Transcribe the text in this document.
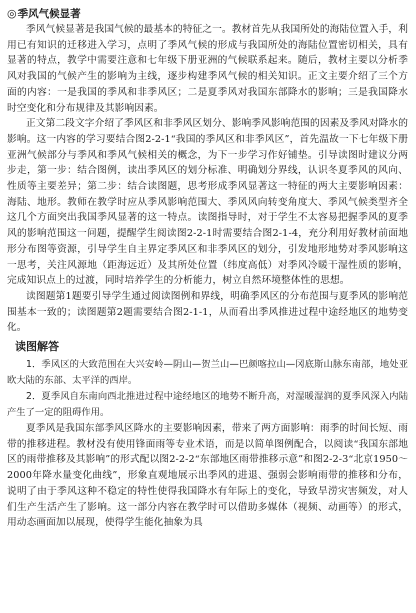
◎ 季风气候显著

季风气候显著是我国气候的最基本的特征之一。教材首先从我国所处的海陆位置入手，利用已有知识的迁移进入学习，点明了季风气候的形成与我国所处的海陆位置密切相关，具有显著的特点，教学中需要注意和七年级下册亚洲的气候联系起来。随后，教材主要以分析季风对我国的气候产生的影响为主线，逐步构建季风气候的相关知识。正文主要介绍了三个方面的内容：一是我国的季风和非季风区；二是夏季风对我国东部降水的影响；三是我国降水时空变化和分布规律及其影响因素。

正文第二段文字介绍了季风区和非季风区划分、影响季风影响范围的因素及季风对降水的影响。这一内容的学习要结合图2-2-1“我国的季风区和非季风区”，首先温故一下七年级下册亚洲气候部分与季风和季风气候相关的概念，为下一步学习作好铺垫。引导读图时建议分两步走，第一步：结合图例，读出季风区的划分标准、明确划分界线，认识冬夏季风的风向、性质等主要差异；第二步：结合读图题，思考形成季风显著这一特征的两大主要影响因素：海陆、地形。教师在教学时应从季风影响范围大、季风风向转变角度大、季风气候类型齐全这几个方面突出我国季风显著的这一特点。读图指导时，对于学生不太容易把握季风的夏季风的影响范围这一问题，提醒学生阅读图2-2-1时需要结合图2-1-4，充分利用好教材前面地形分布图等资源，引导学生自主界定季风区和非季风区的划分，引发地形地势对季风影响这一思考，关注风源地（距海远近）及其所处位置（纬度高低）对季风冷暖干湿性质的影响，完成知识点上的过渡，同时培养学生的分析能力，树立自然环境整体性的思想。

读图题第1题要引导学生通过阅读图例和界线，明确季风区的分布范围与夏季风的影响范围基本一致的；读图题第2题需要结合图2-1-1，从而看出季风推进过程中途经地区的地势变化。

读图解答

1．季风区的大致范围在大兴安岭—阴山—贺兰山—巴颜喀拉山—冈底斯山脉东南部，地处亚欧大陆的东部、太平洋的西岸。

2．夏季风自东南向西北推进过程中途经地区的地势不断升高，对湿暖湿润的夏季风深入内陆产生了一定的阻碍作用。

夏季风是我国东部季风区降水的主要影响因素，带来了两方面影响：雨季的时间长短、雨带的推移进程。教材没有使用锋面雨等专业术语，而是以简单图例配合，以阅读“我国东部地区的雨带推移及其影响”的形式配以图2-2-2“东部地区雨带推移示意”和图2-2-3“北京1950～2000年降水量变化曲线”，形象直观地展示出季风的进退、强弱会影响雨带的推移和分布，说明了由于季风这种不稳定的特性使得我国降水有年际上的变化，导致旱涝灾害频发，对人们生产生活产生了影响。这一部分内容在教学时可以借助多媒体（视频、动画等）的形式，用动态画面加以展现，使得学生能化抽象为具
